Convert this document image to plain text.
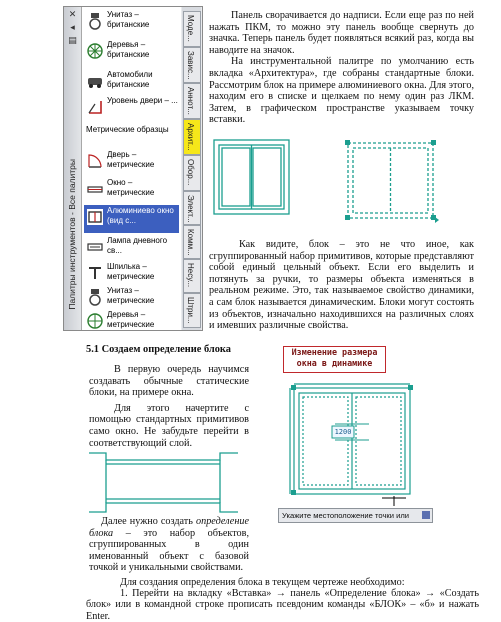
✕
◂
▤
Палитры инструментов - Все палитры
Унитаз – британские
Деревья – британские
Автомобили британские
Уровень двери – ...
Метрические образцы
Дверь – метрические
Окно – метрические
Алюминиево окно (вид с...
Лампа дневного св...
Шпилька – метрические
Унитаз – метрические
Деревья – метрические
Моде...
Завис...
Аннот...
Архит...
Обор...
Элект...
Комм...
Несу...
Штри...

Панель сворачивается до надписи. Если еще раз по ней нажать ПКМ, то можно эту панель вообще свернуть до значка. Теперь панель будет появляться всякий раз, когда вы наводите на значок.

На инструментальной палитре по умолчанию есть вкладка «Архитектура», где собраны стандартные блоки. Рассмотрим блок на примере алюминиевого окна. Для этого, находим его в списке и щелкаем по нему один раз ЛКМ. Затем, в графическом пространстве указываем точку вставки.

Как видите, блок – это не что иное, как сгруппированный набор примитивов, которые представляют собой единый цельный объект. Если его выделить и потянуть за ручки, то размеры объекта изменяться в реальном режиме. Это, так называемое свойство динамики, а сам блок называется динамическим. Блоки могут состоять из объектов, изначально находившихся на различных слоях и имевших различные свойства.

5.1 Создаем определение блока

В первую очередь научимся создавать обычные статические блоки, на примере окна.

Для этого начертите с помощью стандартных примитивов само окно. Не забудьте перейти в соответствующий слой.

Далее нужно создать определение блока – это набор объектов, сгруппированных в один именованный объект с базовой точкой и уникальными свойствами.

Изменение размера
окна в динамике
1200
Укажите местоположение точки или

Для создания определения блока в текущем чертеже необходимо:

1. Перейти на вкладку «Вставка» → панель «Определение блока» → «Создать блок» или в командной строке прописать псевдоним команды «БЛОК» – «б» и нажать Enter.
